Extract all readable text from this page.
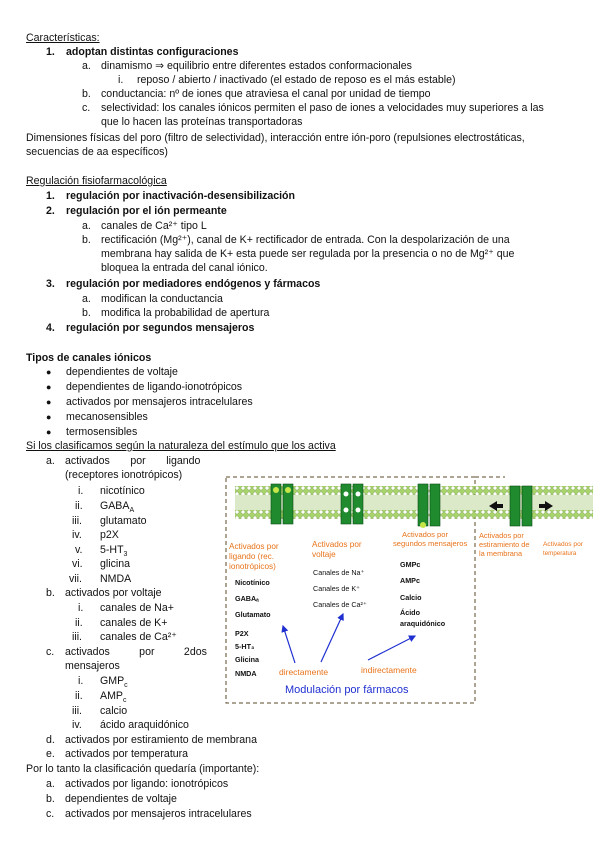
Características:
1. adoptan distintas configuraciones
a. dinamismo ⇒ equilibrio entre diferentes estados conformacionales
i. reposo / abierto / inactivado (el estado de reposo es el más estable)
b. conductancia: nº de iones que atraviesa el canal por unidad de tiempo
c. selectividad: los canales iónicos permiten el paso de iones a velocidades muy superiores a las
que lo hacen las proteínas transportadoras
Dimensiones físicas del poro (filtro de selectividad), interacción entre ión-poro (repulsiones electrostáticas,
secuencias de aa específicos)
Regulación fisiofarmacológica
1. regulación por inactivación-desensibilización
2. regulación por el ión permeante
a. canales de Ca²⁺ tipo L
b. rectificación (Mg²⁺), canal de K+ rectificador de entrada. Con la despolarización de una
membrana hay salida de K+ esta puede ser regulada por la presencia o no de Mg²⁺ que
bloquea la entrada del canal iónico.
3. regulación por mediadores endógenos y fármacos
a. modifican la conductancia
b. modifica la probabilidad de apertura
4. regulación por segundos mensajeros
Tipos de canales iónicos
● dependientes de voltaje
● dependientes de ligando-ionotrópicos
● activados por mensajeros intracelulares
● mecanosensibles
● termosensibles
Si los clasificamos según la naturaleza del estímulo que los activa
a. activados       por       ligando
(receptores ionotrópicos)
i. nicotínico
ii. $GABA_A$
iii. glutamato
iv. p2X
v. $5-HT_3$
vi. glicina
vii. NMDA
b. activados por voltaje
i. canales de Na+
ii. canales de K+
iii. canales de Ca²⁺
c. activados          por          2dos
mensajeros
i. $GMP_c$
ii. $AMP_c$
iii. calcio
iv. ácido araquidónico
d. activados por estiramiento de membrana
e. activados por temperatura
Por lo tanto la clasificación quedaría (importante):
a. activados por ligando: ionotrópicos
b. dependientes de voltaje
c. activados por mensajeros intracelulares
Activados por
ligando (rec.
ionotrópicos)
Activados por
voltaje
Activados por
segundos mensajeros
Activados por
estiramiento de
la membrana
Activados por
temperatura
Nicotínico
GABAₐ
Glutamato
P2X
5-HT₃
Glicina
NMDA
Canales de Na⁺
Canales de K⁺
Canales de Ca²⁺
GMPc
AMPc
Calcio
Ácido
araquidónico
directamente	indirectamente
Modulación por fármacos
